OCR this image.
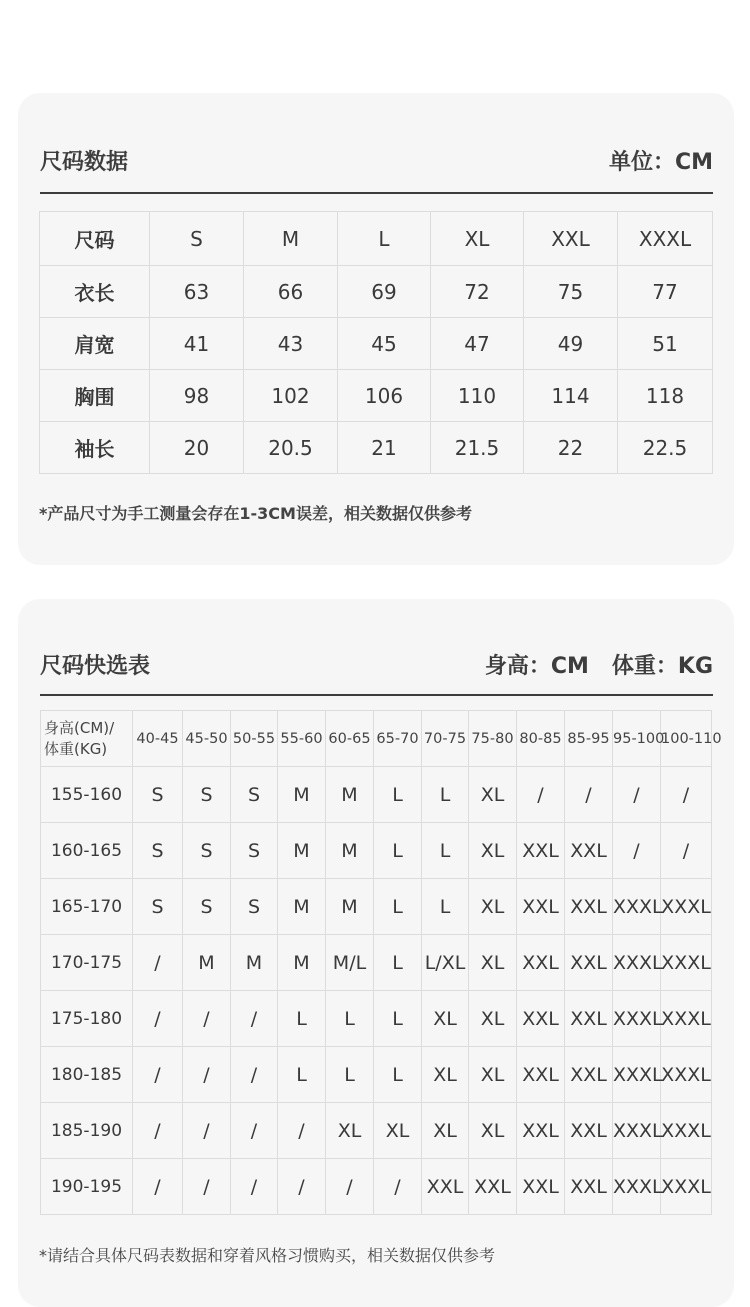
尺码数据	单位：CM
尺码	S	M	L	XL	XXL	XXXL
衣长	63	66	69	72	75	77
肩宽	41	43	45	47	49	51
胸围	98	102	106	110	114	118
袖长	20	20.5	21	21.5	22	22.5
*产品尺寸为手工测量会存在1-3CM误差，相关数据仅供参考
尺码快选表	身高：CM   体重：KG
身高(CM)/
体重(KG)	40-45	45-50	50-55	55-60	60-65	65-70	70-75	75-80	80-85	85-95	95-100	100-110
155-160	S	S	S	M	M	L	L	XL	/	/	/	/
160-165	S	S	S	M	M	L	L	XL	XXL	XXL	/	/
165-170	S	S	S	M	M	L	L	XL	XXL	XXL	XXXL	XXXL
170-175	/	M	M	M	M/L	L	L/XL	XL	XXL	XXL	XXXL	XXXL
175-180	/	/	/	L	L	L	XL	XL	XXL	XXL	XXXL	XXXL
180-185	/	/	/	L	L	L	XL	XL	XXL	XXL	XXXL	XXXL
185-190	/	/	/	/	XL	XL	XL	XL	XXL	XXL	XXXL	XXXL
190-195	/	/	/	/	/	/	XXL	XXL	XXL	XXL	XXXL	XXXL
*请结合具体尺码表数据和穿着风格习惯购买，相关数据仅供参考
